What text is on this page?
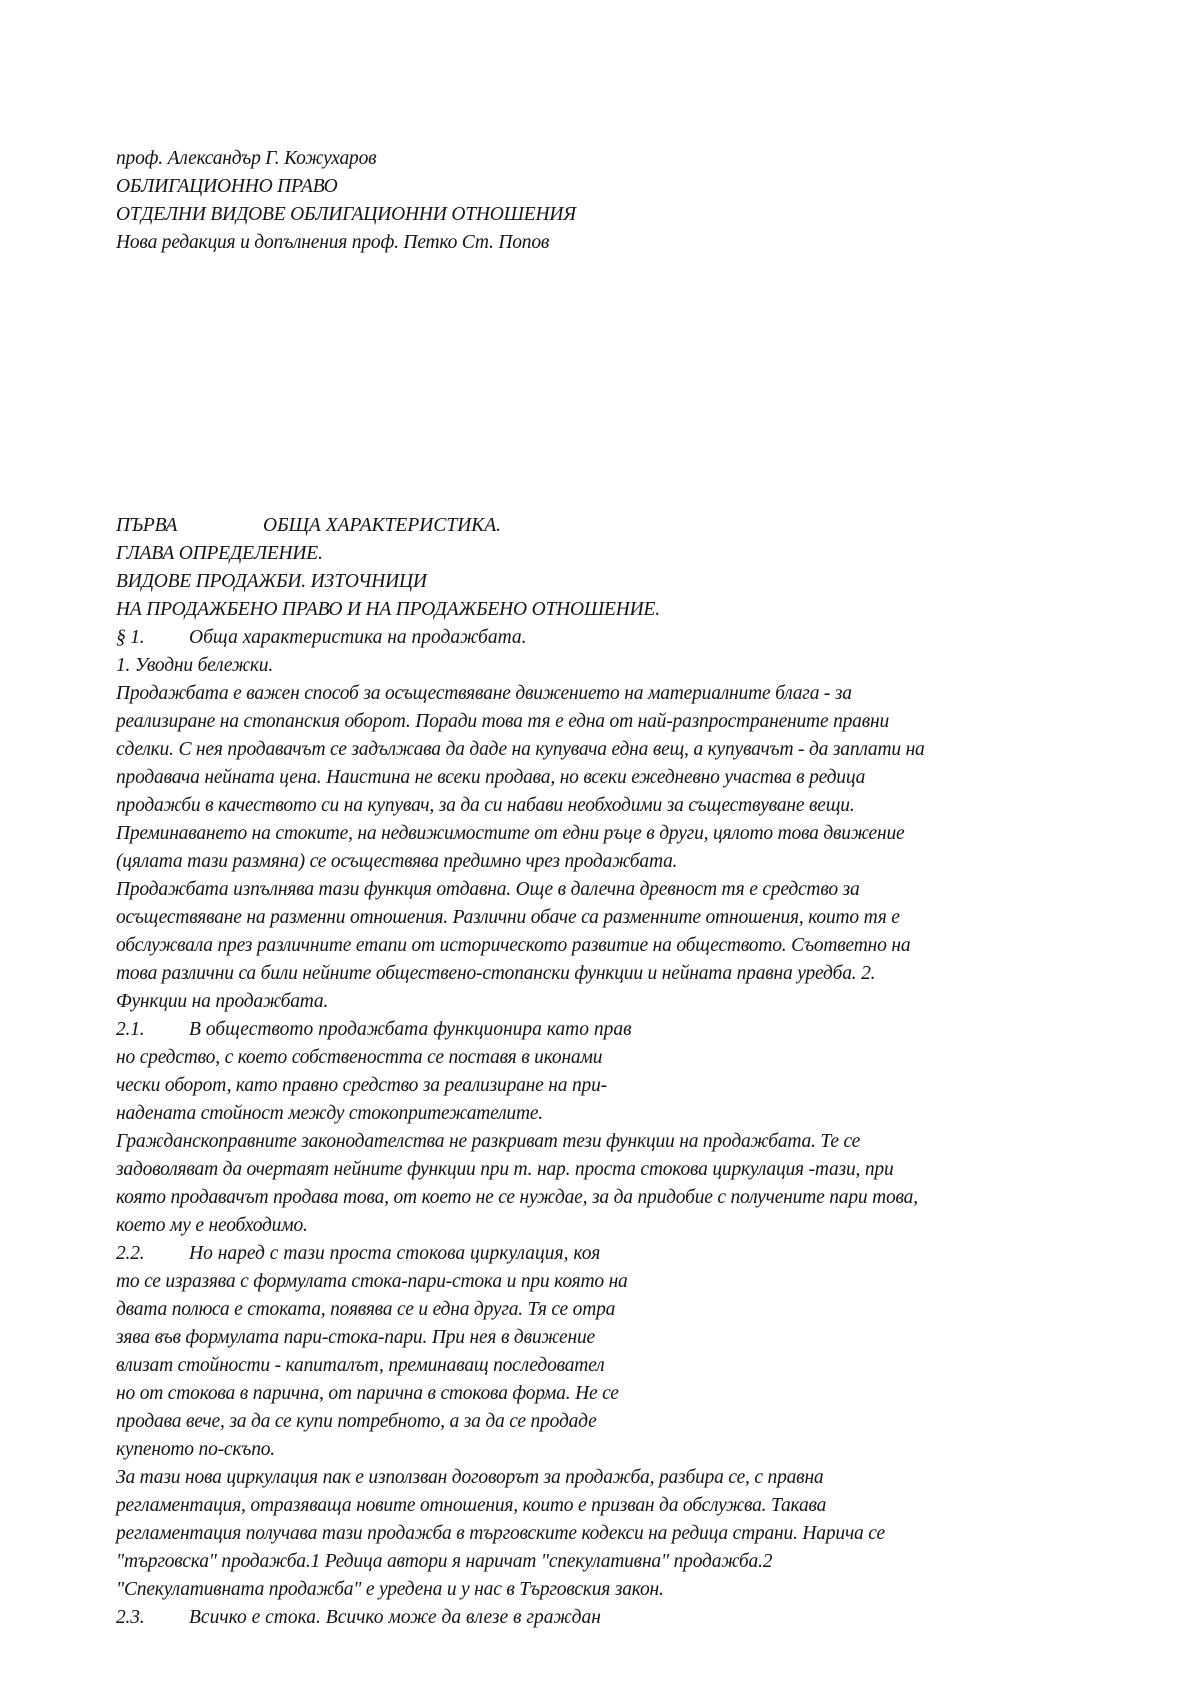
проф. Александър Г. Кожухаров
ОБЛИГАЦИОННО ПРАВО
ОТДЕЛНИ ВИДОВЕ ОБЛИГАЦИОННИ ОТНОШЕНИЯ
Нова редакция и допълнения проф. Петко Ст. Попов
ПЪРВА	ОБЩА ХАРАКТЕРИСТИКА.
ГЛАВА ОПРЕДЕЛЕНИЕ.
ВИДОВЕ ПРОДАЖБИ. ИЗТОЧНИЦИ
НА ПРОДАЖБЕНО ПРАВО И НА ПРОДАЖБЕНО ОТНОШЕНИЕ.
§ 1. Обща характеристика на продажбата.
1. Уводни бележки.
Продажбата е важен способ за осъществяване движението на материалните блага - за
реализиране на стопанския оборот. Поради това тя е една от най-разпространените правни
сделки. С нея продавачът се задължава да даде на купувача една вещ, а купувачът - да заплати на
продавача нейната цена. Наистина не всеки продава, но всеки ежедневно участва в редица
продажби в качеството си на купувач, за да си набави необходими за съществуване вещи.
Преминаването на стоките, на недвижимостите от едни ръце в други, цялото това движение
(цялата тази размяна) се осъществява предимно чрез продажбата.
Продажбата изпълнява тази функция отдавна. Още в далечна древност тя е средство за
осъществяване на разменни отношения. Различни обаче са разменните отношения, които тя е
обслужвала през различните етапи от историческото развитие на обществото. Съответно на
това различни са били нейните обществено-стопански функции и нейната правна уредба. 2.
Функции на продажбата.
2.1. В обществото продажбата функционира като прав
но средство, с което собствеността се поставя в иконами
чески оборот, като правно средство за реализиране на при-
надената стойност между стокопритежателите.
Гражданскоправните законодателства не разкриват тези функции на продажбата. Те се
задоволяват да очертаят нейните функции при т. нар. проста стокова циркулация -тази, при
която продавачът продава това, от което не се нуждае, за да придобие с получените пари това,
което му е необходимо.
2.2. Но наред с тази проста стокова циркулация, коя
то се изразява с формулата стока-пари-стока и при която на
двата полюса е стоката, появява се и една друга. Тя се отра
зява във формулата пари-стока-пари. При нея в движение
влизат стойности - капиталът, преминаващ последовател
но от стокова в парична, от парична в стокова форма. Не се
продава вече, за да се купи потребното, а за да се продаде
купеното по-скъпо.
За тази нова циркулация пак е използван договорът за продажба, разбира се, с правна
регламентация, отразяваща новите отношения, които е призван да обслужва. Такава
регламентация получава тази продажба в търговските кодекси на редица страни. Нарича се
"търговска" продажба.1 Редица автори я наричат "спекулативна" продажба.2
"Спекулативната продажба" е уредена и у нас в Търговския закон.
2.3. Всичко е стока. Всичко може да влезе в граждан
